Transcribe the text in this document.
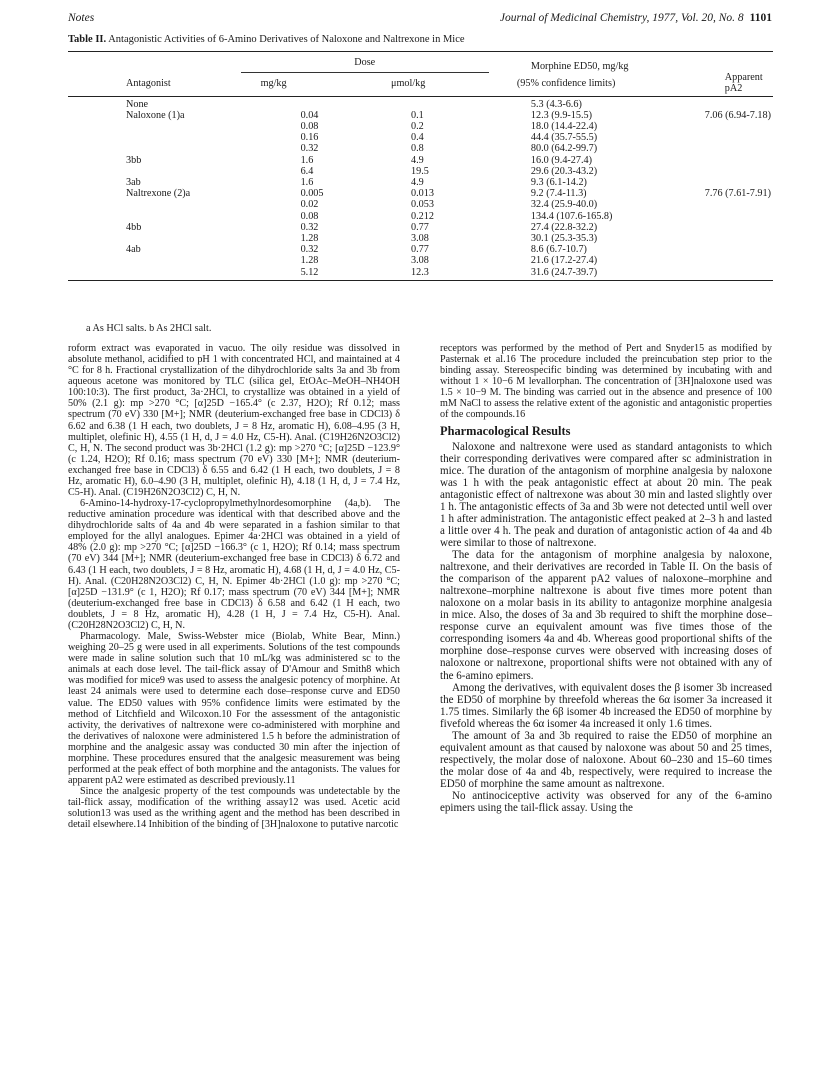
Notes	Journal of Medicinal Chemistry, 1977, Vol. 20, No. 8 1101
Table II. Antagonistic Activities of 6-Amino Derivatives of Naloxone and Naltrexone in Mice
	Dose		Morphine ED50, mg/kg	
Antagonist	mg/kg	μmol/kg	(95% confidence limits)	Apparent pA2
None			5.3 (4.3-6.6)	
Naloxone (1)a	0.04	0.1	12.3 (9.9-15.5)	7.06 (6.94-7.18)
	0.08	0.2	18.0 (14.4-22.4)	
	0.16	0.4	44.4 (35.7-55.5)	
	0.32	0.8	80.0 (64.2-99.7)	
3bb	1.6	4.9	16.0 (9.4-27.4)	
	6.4	19.5	29.6 (20.3-43.2)	
3ab	1.6	4.9	9.3 (6.1-14.2)	
Naltrexone (2)a	0.005	0.013	9.2 (7.4-11.3)	7.76 (7.61-7.91)
	0.02	0.053	32.4 (25.9-40.0)	
	0.08	0.212	134.4 (107.6-165.8)	
4bb	0.32	0.77	27.4 (22.8-32.2)	
	1.28	3.08	30.1 (25.3-35.3)	
4ab	0.32	0.77	8.6 (6.7-10.7)	
	1.28	3.08	21.6 (17.2-27.4)	
	5.12	12.3	31.6 (24.7-39.7)	
a As HCl salts. b As 2HCl salt.

roform extract was evaporated in vacuo. The oily residue was dissolved in absolute methanol, acidified to pH 1 with concentrated HCl, and maintained at 4 °C for 8 h. Fractional crystallization of the dihydrochloride salts 3a and 3b from aqueous acetone was monitored by TLC (silica gel, EtOAc–MeOH–NH4OH 100:10:3). The first product, 3a·2HCl, to crystallize was obtained in a yield of 50% (2.1 g): mp >270 °C; [α]25D −165.4° (c 2.37, H2O); Rf 0.12; mass spectrum (70 eV) 330 [M+]; NMR (deuterium-exchanged free base in CDCl3) δ 6.62 and 6.38 (1 H each, two doublets, J = 8 Hz, aromatic H), 6.08–4.95 (3 H, multiplet, olefinic H), 4.55 (1 H, d, J = 4.0 Hz, C5-H). Anal. (C19H26N2O3Cl2) C, H, N. The second product was 3b·2HCl (1.2 g): mp >270 °C; [α]25D −123.9° (c 1.24, H2O); Rf 0.16; mass spectrum (70 eV) 330 [M+]; NMR (deuterium-exchanged free base in CDCl3) δ 6.55 and 6.42 (1 H each, two doublets, J = 8 Hz, aromatic H), 6.0–4.90 (3 H, multiplet, olefinic H), 4.18 (1 H, d, J = 7.4 Hz, C5-H). Anal. (C19H26N2O3Cl2) C, H, N.

6-Amino-14-hydroxy-17-cyclopropylmethylnordesomorphine (4a,b). The reductive amination procedure was identical with that described above and the dihydrochloride salts of 4a and 4b were separated in a fashion similar to that employed for the allyl analogues. Epimer 4a·2HCl was obtained in a yield of 48% (2.0 g): mp >270 °C; [α]25D −166.3° (c 1, H2O); Rf 0.14; mass spectrum (70 eV) 344 [M+]; NMR (deuterium-exchanged free base in CDCl3) δ 6.72 and 6.43 (1 H each, two doublets, J = 8 Hz, aromatic H), 4.68 (1 H, d, J = 4.0 Hz, C5-H). Anal. (C20H28N2O3Cl2) C, H, N. Epimer 4b·2HCl (1.0 g): mp >270 °C; [α]25D −131.9° (c 1, H2O); Rf 0.17; mass spectrum (70 eV) 344 [M+]; NMR (deuterium-exchanged free base in CDCl3) δ 6.58 and 6.42 (1 H each, two doublets, J = 8 Hz, aromatic H), 4.28 (1 H, J = 7.4 Hz, C5-H). Anal. (C20H28N2O3Cl2) C, H, N.

Pharmacology. Male, Swiss-Webster mice (Biolab, White Bear, Minn.) weighing 20–25 g were used in all experiments. Solutions of the test compounds were made in saline solution such that 10 mL/kg was administered sc to the animals at each dose level. The tail-flick assay of D'Amour and Smith8 which was modified for mice9 was used to assess the analgesic potency of morphine. At least 24 animals were used to determine each dose–response curve and ED50 value. The ED50 values with 95% confidence limits were estimated by the method of Litchfield and Wilcoxon.10 For the assessment of the antagonistic activity, the derivatives of naltrexone were co-administered with morphine and the derivatives of naloxone were administered 1.5 h before the administration of morphine and the analgesic assay was conducted 30 min after the injection of morphine. These procedures ensured that the analgesic measurement was being performed at the peak effect of both morphine and the antagonists. The values for apparent pA2 were estimated as described previously.11

Since the analgesic property of the test compounds was undetectable by the tail-flick assay, modification of the writhing assay12 was used. Acetic acid solution13 was used as the writhing agent and the method has been described in detail elsewhere.14 Inhibition of the binding of [3H]naloxone to putative narcotic

receptors was performed by the method of Pert and Snyder15 as modified by Pasternak et al.16 The procedure included the preincubation step prior to the binding assay. Stereospecific binding was determined by incubating with and without 1 × 10−6 M levallorphan. The concentration of [3H]naloxone used was 1.5 × 10−9 M. The binding was carried out in the absence and presence of 100 mM NaCl to assess the relative extent of the agonistic and antagonistic properties of the compounds.16

Pharmacological Results

Naloxone and naltrexone were used as standard antagonists to which their corresponding derivatives were compared after sc administration in mice. The duration of the antagonism of morphine analgesia by naloxone was 1 h with the peak antagonistic effect at about 20 min. The peak antagonistic effect of naltrexone was about 30 min and lasted slightly over 1 h. The antagonistic effects of 3a and 3b were not detected until well over 1 h after administration. The antagonistic effect peaked at 2–3 h and lasted a little over 4 h. The peak and duration of antagonistic action of 4a and 4b were similar to those of naltrexone.

The data for the antagonism of morphine analgesia by naloxone, naltrexone, and their derivatives are recorded in Table II. On the basis of the comparison of the apparent pA2 values of naloxone–morphine and naltrexone–morphine naltrexone is about five times more potent than naloxone on a molar basis in its ability to antagonize morphine analgesia in mice. Also, the doses of 3a and 3b required to shift the morphine dose–response curve an equivalent amount was five times those of the corresponding isomers 4a and 4b. Whereas good proportional shifts of the morphine dose–response curves were observed with increasing doses of naloxone or naltrexone, proportional shifts were not obtained with any of the 6-amino epimers.

Among the derivatives, with equivalent doses the β isomer 3b increased the ED50 of morphine by threefold whereas the 6α isomer 3a increased it 1.75 times. Similarly the 6β isomer 4b increased the ED50 of morphine by fivefold whereas the 6α isomer 4a increased it only 1.6 times.

The amount of 3a and 3b required to raise the ED50 of morphine an equivalent amount as that caused by naloxone was about 50 and 25 times, respectively, the molar dose of naloxone. About 60–230 and 15–60 times the molar dose of 4a and 4b, respectively, were required to increase the ED50 of morphine the same amount as naltrexone.

No antinociceptive activity was observed for any of the 6-amino epimers using the tail-flick assay. Using the
